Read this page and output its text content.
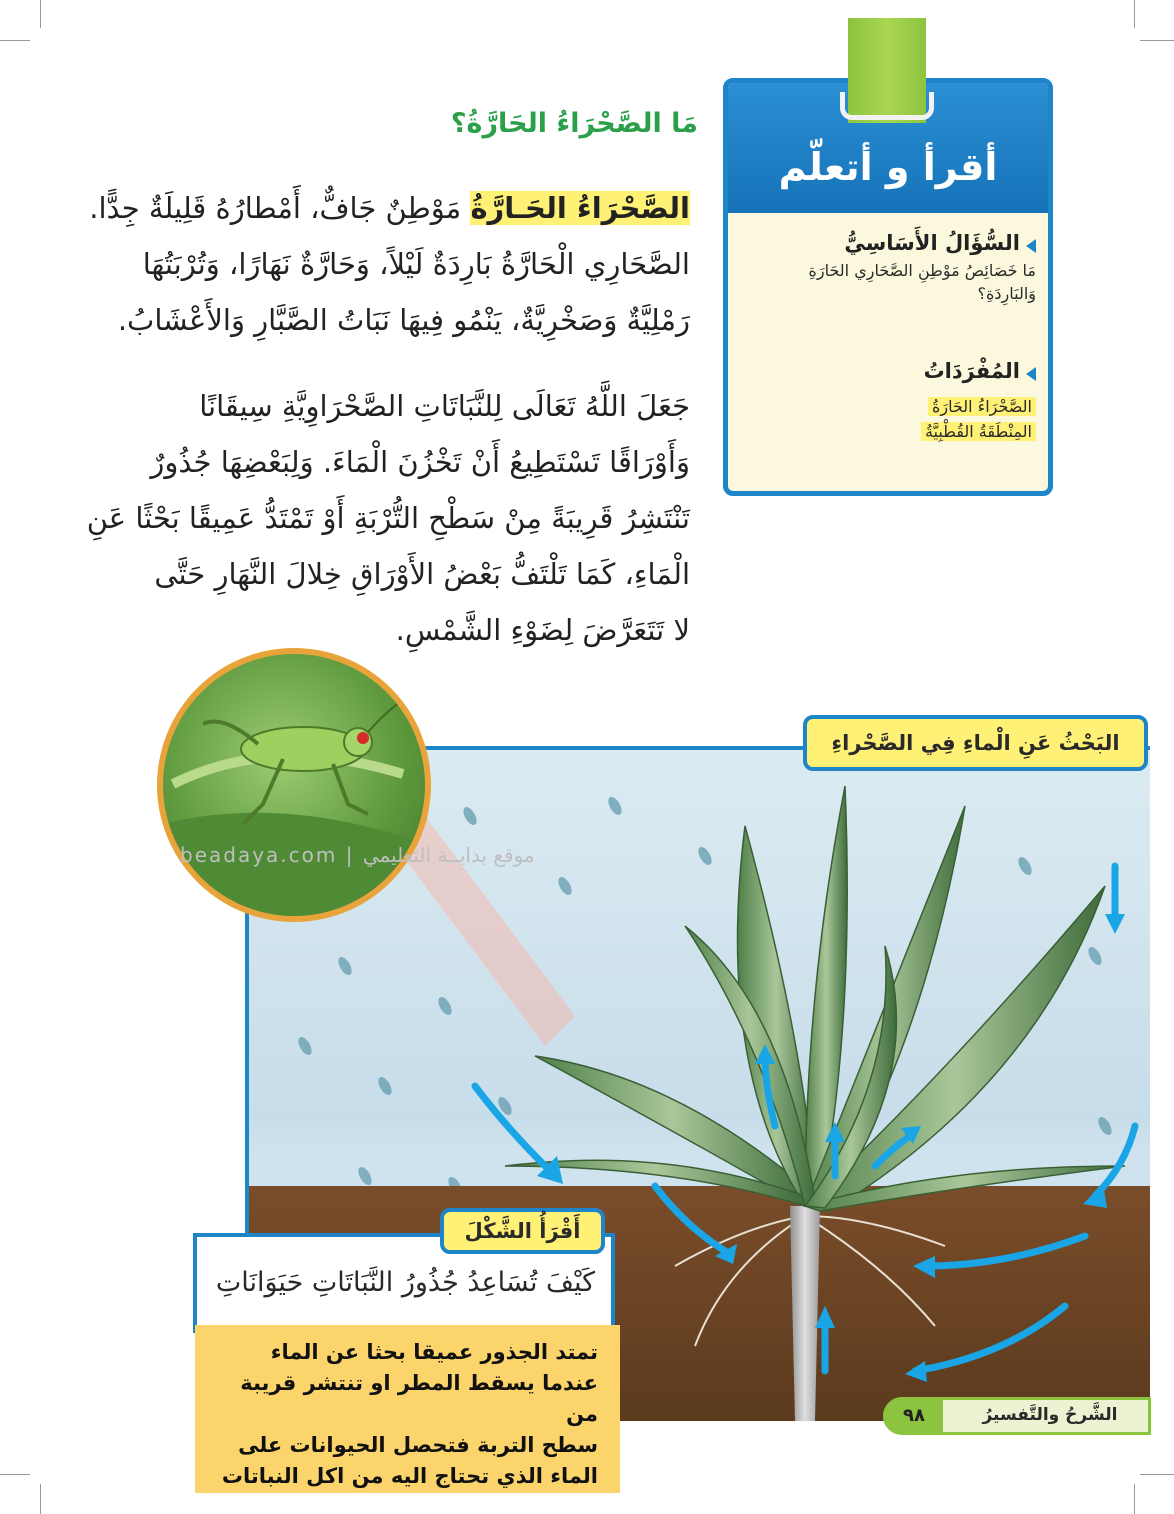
أقرأ و أتعلّم
السُّؤَالُ الأَسَاسِيُّ
مَا خَصَائِصُ مَوْطِنِ الصَّحَارِي الحَارَةِ
وَالبَارِدَةِ؟
المُفْرَدَاتُ
الصَّحْرَاءُ الحَارَةُ
المِنْطَقَةُ القُطْبِيَّةُ
مَا الصَّحْرَاءُ الحَارَّةُ؟
الصَّحْرَاءُ الحَـارَّةُ مَوْطِنٌ جَافٌّ، أَمْطارُهُ قَلِيلَةٌ جِدًّا.
الصَّحَارِي الْحَارَّةُ بَارِدَةٌ لَيْلاً، وَحَارَّةٌ نَهَارًا، وَتُرْبَتُهَا
رَمْلِيَّةٌ وَصَخْرِيَّةٌ، يَنْمُو فِيهَا نَبَاتُ الصَّبَّارِ وَالأَعْشَابُ.
جَعَلَ اللَّهُ تَعَالَى لِلنَّبَاتَاتِ الصَّحْرَاوِيَّةِ سِيقَانًا
وَأَوْرَاقًا تَسْتَطِيعُ أَنْ تَخْزُنَ الْمَاءَ. وَلِبَعْضِهَا جُذُورٌ
تَنْتَشِرُ قَرِيبَةً مِنْ سَطْحِ التُّرْبَةِ أَوْ تَمْتَدُّ عَمِيقًا بَحْثًا عَنِ
الْمَاءِ، كَمَا تَلْتَفُّ بَعْضُ الأَوْرَاقِ خِلالَ النَّهَارِ حَتَّى
لا تَتَعَرَّضَ لِضَوْءِ الشَّمْسِ.
beadaya.com | موقع بدايــة التعليمي
البَحْثُ عَنِ الْماءِ فِي الصَّحْراءِ
كَيْفَ تُسَاعِدُ جُذُورُ النَّبَاتَاتِ حَيَوَانَاتِ
أَقْرَأُ الشَّكْلَ
تمتد الجذور عميقا بحثا عن الماء
عندما يسقط المطر او تنتشر قريبة من
سطح التربة فتحصل الحيوانات على
الماء الذي تحتاج اليه من اكل النباتات
٩٨	الشَّرحُ والتَّفسيرُ
